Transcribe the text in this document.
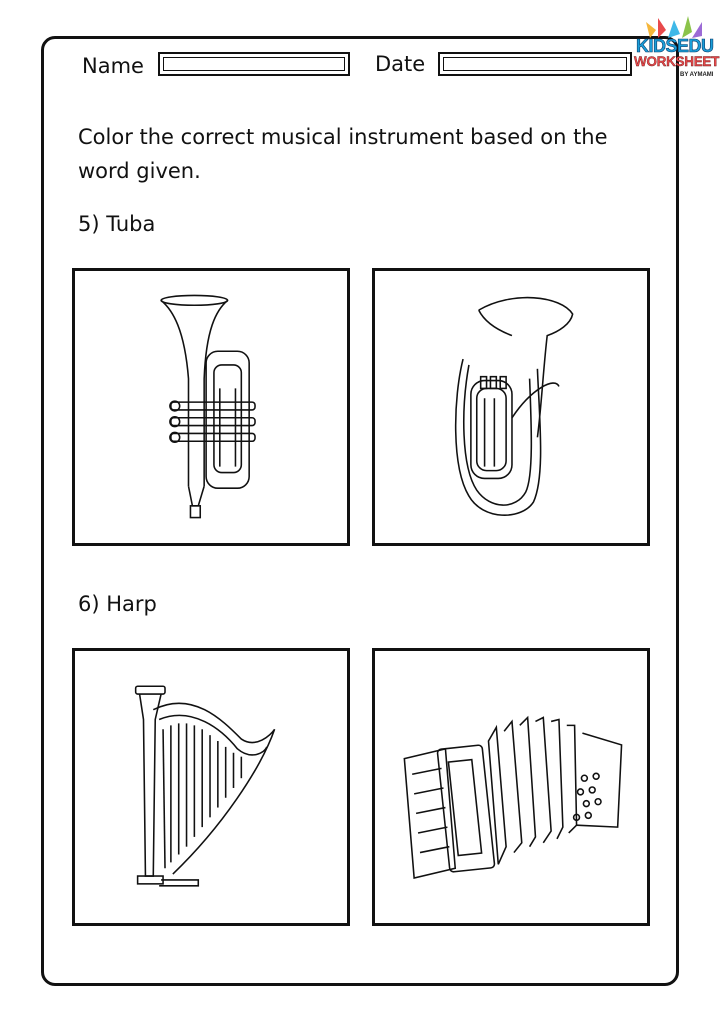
KIDSEDU
WORKSHEET
BY AYMAMI
Name	Date
Color the correct musical instrument based on the word given.
5) Tuba
6) Harp
